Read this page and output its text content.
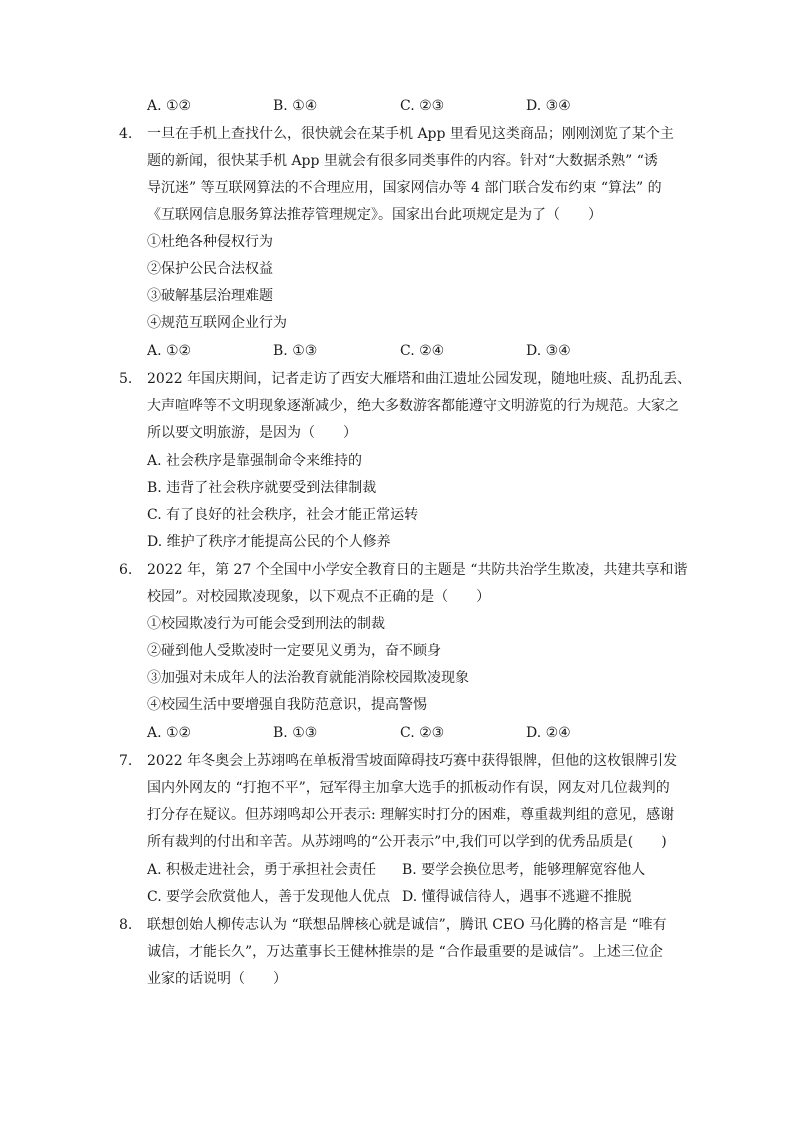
A. ①②	B. ①④	C. ②③	D. ③④
4. 一旦在手机上查找什么，很快就会在某手机 App 里看见这类商品；刚刚浏览了某个主
题的新闻，很快某手机 App 里就会有很多同类事件的内容。针对“大数据杀熟” “诱
导沉迷” 等互联网算法的不合理应用，国家网信办等 4 部门联合发布约束 “算法” 的
《互联网信息服务算法推荐管理规定》。国家出台此项规定是为了（　　）
①杜绝各种侵权行为
②保护公民合法权益
③破解基层治理难题
④规范互联网企业行为
A. ①②	B. ①③	C. ②④	D. ③④
5. 2022 年国庆期间，记者走访了西安大雁塔和曲江遗址公园发现，随地吐痰、乱扔乱丢、
大声喧哗等不文明现象逐渐减少，绝大多数游客都能遵守文明游览的行为规范。大家之
所以要文明旅游，是因为（　　）
A. 社会秩序是靠强制命令来维持的
B. 违背了社会秩序就要受到法律制裁
C. 有了良好的社会秩序，社会才能正常运转
D. 维护了秩序才能提高公民的个人修养
6. 2022 年，第 27 个全国中小学安全教育日的主题是 “共防共治学生欺凌，共建共享和谐
校园”。对校园欺凌现象，以下观点不正确的是（　　）
①校园欺凌行为可能会受到刑法的制裁
②碰到他人受欺凌时一定要见义勇为，奋不顾身
③加强对未成年人的法治教育就能消除校园欺凌现象
④校园生活中要增强自我防范意识，提高警惕
A. ①②	B. ①③	C. ②③	D. ②④
7. 2022 年冬奥会上苏翊鸣在单板滑雪坡面障碍技巧赛中获得银牌，但他的这枚银牌引发
国内外网友的 “打抱不平”，冠军得主加拿大选手的抓板动作有误，网友对几位裁判的
打分存在疑议。但苏翊鸣却公开表示: 理解实时打分的困难，尊重裁判组的意见，感谢
所有裁判的付出和辛苦。从苏翊鸣的“公开表示”中,我们可以学到的优秀品质是(　　)
A. 积极走进社会，勇于承担社会责任 B. 要学会换位思考，能够理解宽容他人
C. 要学会欣赏他人，善于发现他人优点 D. 懂得诚信待人，遇事不逃避不推脱
8. 联想创始人柳传志认为 “联想品牌核心就是诚信”，腾讯 CEO 马化腾的格言是 “唯有
诚信，才能长久”，万达董事长王健林推崇的是 “合作最重要的是诚信”。上述三位企
业家的话说明（　　）
